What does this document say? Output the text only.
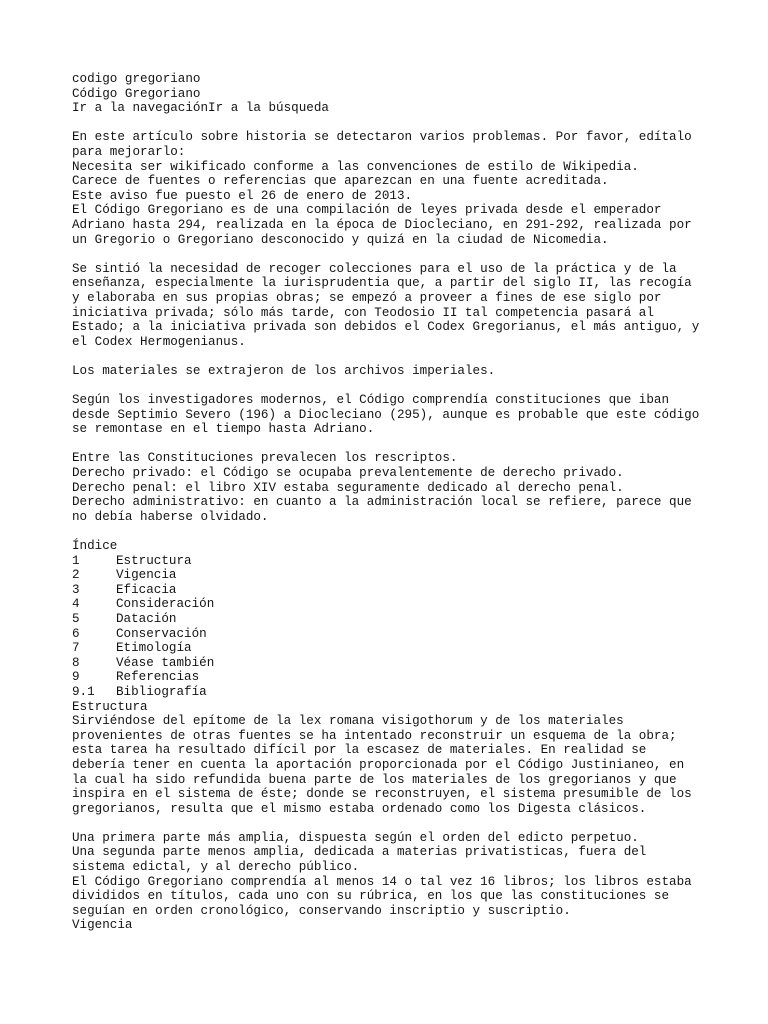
codigo gregoriano
Código Gregoriano
Ir a la navegaciónIr a la búsqueda
En este artículo sobre historia se detectaron varios problemas. Por favor, edítalo
para mejorarlo:
Necesita ser wikificado conforme a las convenciones de estilo de Wikipedia.
Carece de fuentes o referencias que aparezcan en una fuente acreditada.
Este aviso fue puesto el 26 de enero de 2013.
El Código Gregoriano es de una compilación de leyes privada desde el emperador
Adriano hasta 294, realizada en la época de Diocleciano, en 291-292, realizada por
un Gregorio o Gregoriano desconocido y quizá en la ciudad de Nicomedia.
Se sintió la necesidad de recoger colecciones para el uso de la práctica y de la
enseñanza, especialmente la iurisprudentia que, a partir del siglo II, las recogía
y elaboraba en sus propias obras; se empezó a proveer a fines de ese siglo por
iniciativa privada; sólo más tarde, con Teodosio II tal competencia pasará al
Estado; a la iniciativa privada son debidos el Codex Gregorianus, el más antiguo, y
el Codex Hermogenianus.
Los materiales se extrajeron de los archivos imperiales.
Según los investigadores modernos, el Código comprendía constituciones que iban
desde Septimio Severo (196) a Diocleciano (295), aunque es probable que este código
se remontase en el tiempo hasta Adriano.
Entre las Constituciones prevalecen los rescriptos.
Derecho privado: el Código se ocupaba prevalentemente de derecho privado.
Derecho penal: el libro XIV estaba seguramente dedicado al derecho penal.
Derecho administrativo: en cuanto a la administración local se refiere, parece que
no debía haberse olvidado.
Índice
1	Estructura
2	Vigencia
3	Eficacia
4	Consideración
5	Datación
6	Conservación
7	Etimología
8	Véase también
9	Referencias
9.1	Bibliografía
Estructura
Sirviéndose del epítome de la lex romana visigothorum y de los materiales
provenientes de otras fuentes se ha intentado reconstruir un esquema de la obra;
esta tarea ha resultado difícil por la escasez de materiales. En realidad se
debería tener en cuenta la aportación proporcionada por el Código Justinianeo, en
la cual ha sido refundida buena parte de los materiales de los gregorianos y que
inspira en el sistema de éste; donde se reconstruyen, el sistema presumible de los
gregorianos, resulta que el mismo estaba ordenado como los Digesta clásicos.
Una primera parte más amplia, dispuesta según el orden del edicto perpetuo.
Una segunda parte menos amplia, dedicada a materias privatisticas, fuera del
sistema edictal, y al derecho público.
El Código Gregoriano comprendía al menos 14 o tal vez 16 libros; los libros estaba
divididos en títulos, cada uno con su rúbrica, en los que las constituciones se
seguían en orden cronológico, conservando inscriptio y suscriptio.
Vigencia
